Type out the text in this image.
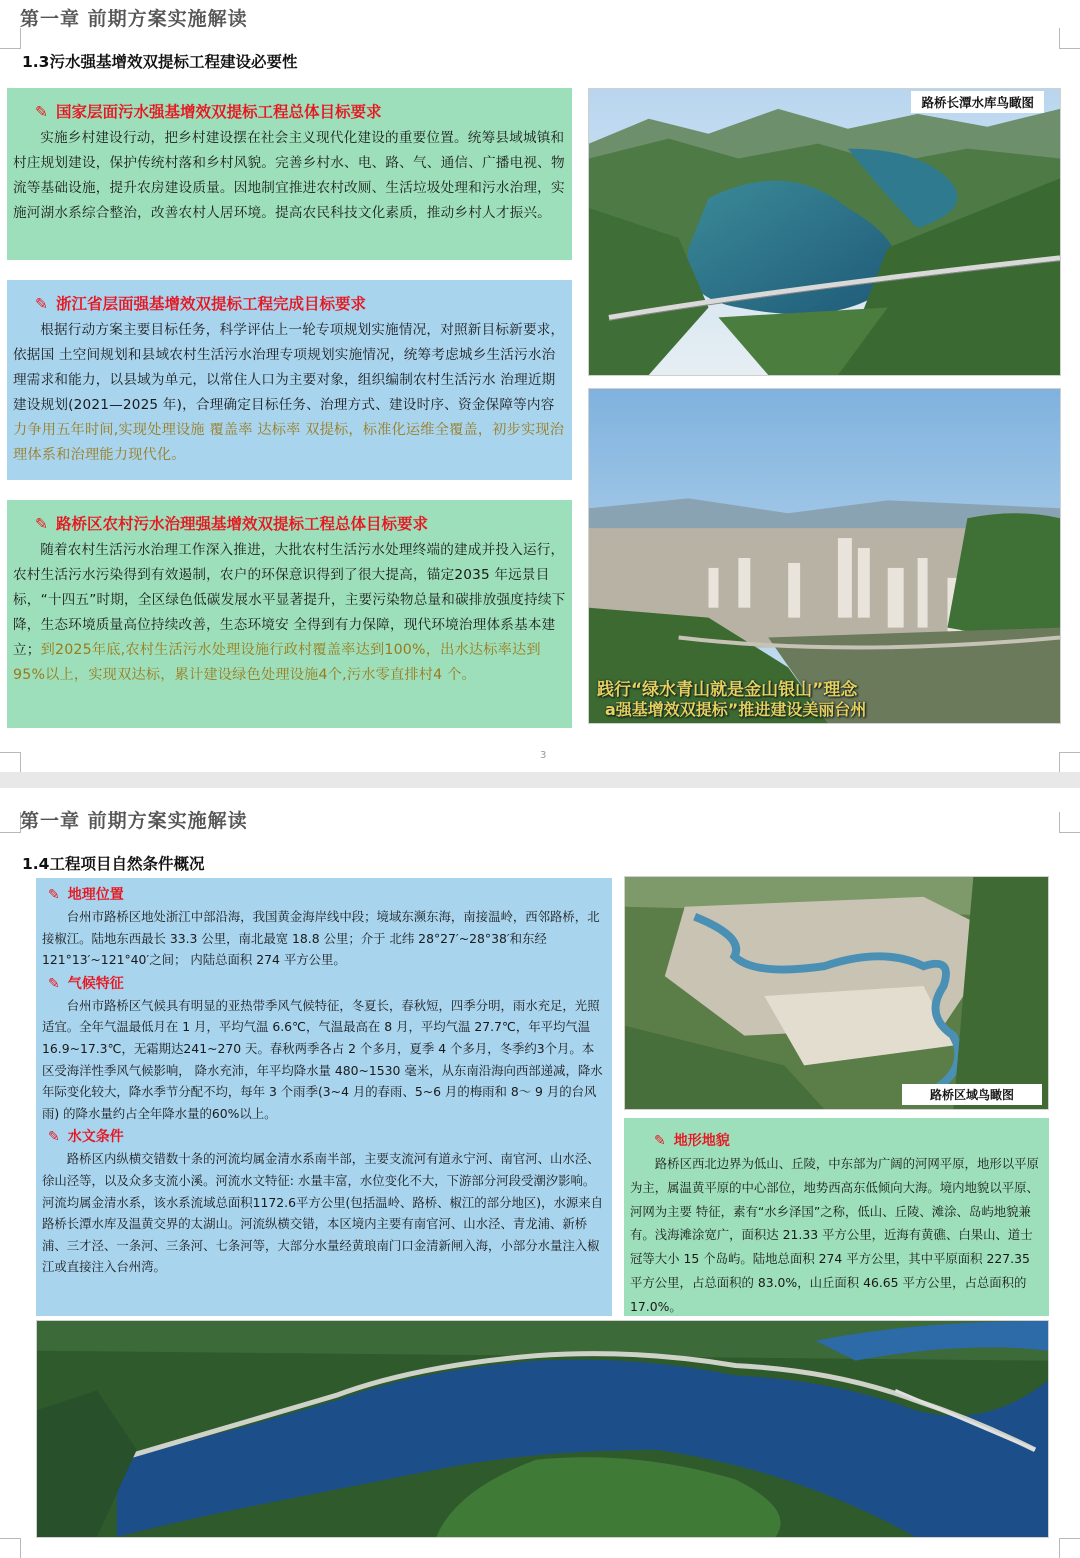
第一章 前期方案实施解读
1.3污水强基增效双提标工程建设必要性
✎ 国家层面污水强基增效双提标工程总体目标要求

实施乡村建设行动，把乡村建设摆在社会主义现代化建设的重要位置。统筹县域城镇和村庄规划建设，保护传统村落和乡村风貌。完善乡村水、电、路、气、通信、广播电视、物流等基础设施，提升农房建设质量。因地制宜推进农村改厕、生活垃圾处理和污水治理，实施河湖水系综合整治，改善农村人居环境。提高农民科技文化素质，推动乡村人才振兴。

✎ 浙江省层面强基增效双提标工程完成目标要求

根据行动方案主要目标任务，科学评估上一轮专项规划实施情况，对照新目标新要求，依据国 土空间规划和县域农村生活污水治理专项规划实施情况，统筹考虑城乡生活污水治理需求和能力，以县域为单元，以常住人口为主要对象，组织编制农村生活污水 治理近期建设规划(2021—2025 年)，合理确定目标任务、治理方式、建设时序、资金保障等内容力争用五年时间,实现处理设施 覆盖率 达标率 双提标，标准化运维全覆盖，初步实现治理体系和治理能力现代化。

✎ 路桥区农村污水治理强基增效双提标工程总体目标要求

随着农村生活污水治理工作深入推进，大批农村生活污水处理终端的建成并投入运行，农村生活污水污染得到有效遏制，农户的环保意识得到了很大提高，锚定2035 年远景目标，“十四五”时期，全区绿色低碳发展水平显著提升，主要污染物总量和碳排放强度持续下降，生态环境质量高位持续改善，生态环境安 全得到有力保障，现代环境治理体系基本建立；到2025年底,农村生活污水处理设施行政村覆盖率达到100%，出水达标率达到95%以上，实现双达标，累计建设绿色处理设施4个,污水零直排村4 个。

路桥长潭水库鸟瞰图
践行“绿水青山就是金山银山”理念
a强基增效双提标”推进建设美丽台州
3
第一章 前期方案实施解读
1.4工程项目自然条件概况
✎ 地理位置

台州市路桥区地处浙江中部沿海，我国黄金海岸线中段；境域东濒东海，南接温岭，西邻路桥，北接椒江。陆地东西最长 33.3 公里，南北最宽 18.8 公里；介于 北纬 28°27′~28°38′和东经 121°13′~121°40′之间； 内陆总面积 274 平方公里。

✎ 气候特征

台州市路桥区气候具有明显的亚热带季风气候特征，冬夏长，春秋短，四季分明，雨水充足，光照适宜。全年气温最低月在 1 月，平均气温 6.6℃，气温最高在 8 月，平均气温 27.7℃，年平均气温 16.9~17.3℃，无霜期达241~270 天。春秋两季各占 2 个多月，夏季 4 个多月，冬季约3个月。本区受海洋性季风气候影响， 降水充沛，年平均降水量 480~1530 毫米，从东南沿海向西部递减，降水年际变化较大，降水季节分配不均，每年 3 个雨季(3~4 月的春雨、5~6 月的梅雨和 8～ 9 月的台风雨) 的降水量约占全年降水量的60%以上。

✎ 水文条件

路桥区内纵横交错数十条的河流均属金清水系南半部，主要支流河有道永宁河、南官河、山水泾、徐山泾等，以及众多支流小溪。河流水文特征: 水量丰富，水位变化不大，下游部分河段受潮汐影响。河流均属金清水系，该水系流域总面积1172.6平方公里(包括温岭、路桥、椒江的部分地区)，水源来自路桥长潭水库及温黄交界的太湖山。河流纵横交错，本区境内主要有南官河、山水泾、青龙浦、新桥浦、三才泾、一条河、三条河、七条河等，大部分水量经黄琅南门口金清新闸入海，小部分水量注入椒江或直接注入台州湾。

路桥区域鸟瞰图
✎ 地形地貌

路桥区西北边界为低山、丘陵，中东部为广阔的河网平原，地形以平原为主，属温黄平原的中心部位，地势西高东低倾向大海。境内地貌以平原、河网为主要 特征，素有“水乡泽国”之称，低山、丘陵、滩涂、岛屿地貌兼有。浅海滩涂宽广，面积达 21.33 平方公里，近海有黄礁、白果山、道士冠等大小 15 个岛屿。陆地总面积 274 平方公里，其中平原面积 227.35 平方公里，占总面积的 83.0%，山丘面积 46.65 平方公里，占总面积的 17.0%。
